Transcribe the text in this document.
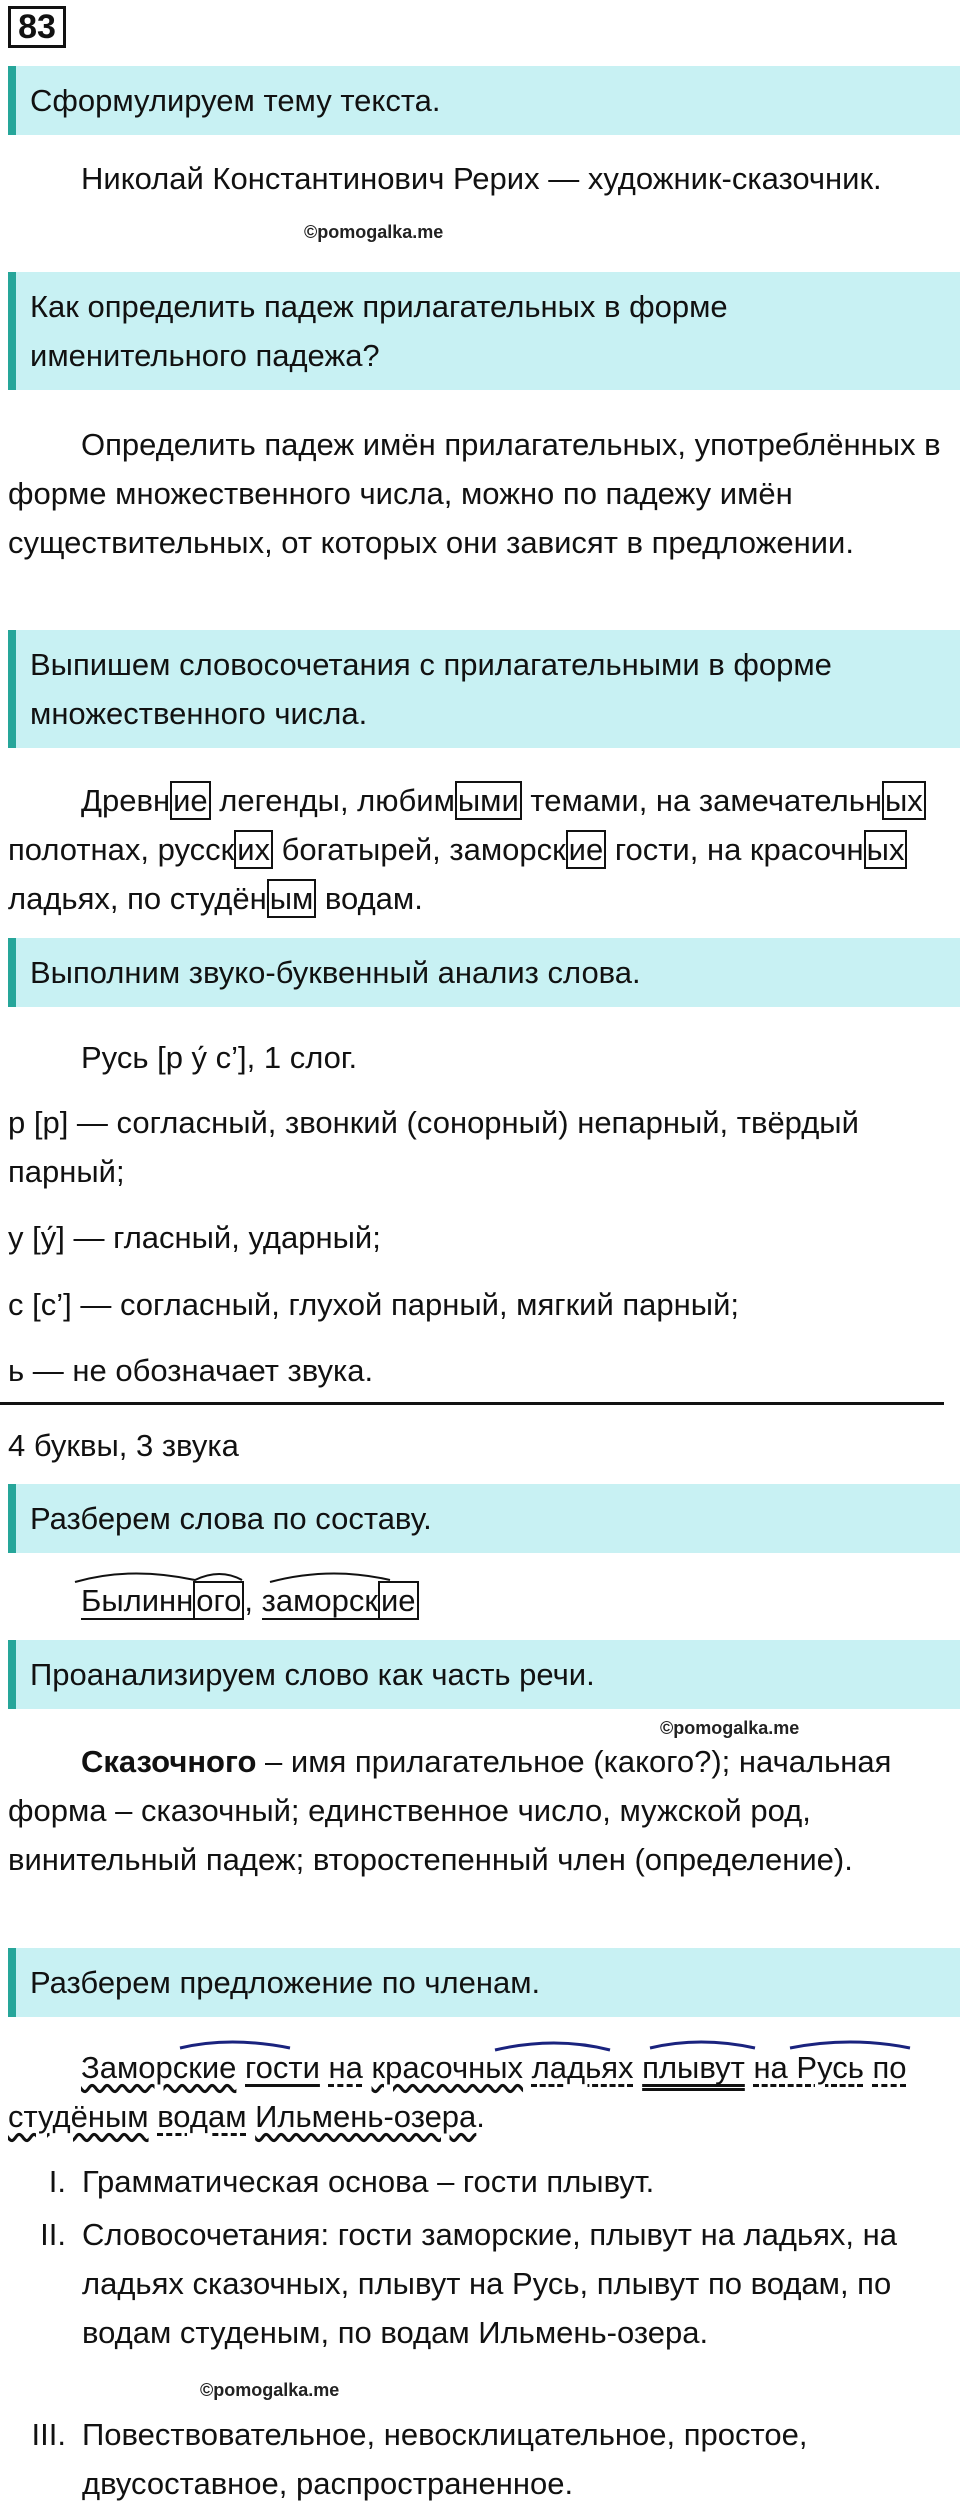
83
Сформулируем тему текста.
Николай Константинович Рерих — художник-сказочник.
©pomogalka.me
Как определить падеж прилагательных в форме именительного падежа?
Определить падеж имён прилагательных, употреблённых в форме множественного числа, можно по падежу имён существительных, от которых они зависят в предложении.
Выпишем словосочетания с прилагательными в форме множественного числа.
Древние легенды, любимыми темами, на замечательных полотнах, русских богатырей, заморские гости, на красочных ладьях, по студёным водам.
Выполним звуко-буквенный анализ слова.
Русь [р у́ с’], 1 слог.
р [р] — согласный, звонкий (сонорный) непарный, твёрдый парный;
у [у́] — гласный, ударный;
с [с’] — согласный, глухой парный, мягкий парный;
ь — не обозначает звука.
4 буквы, 3 звука
Разберем слова по составу.
Былинного, заморские
Проанализируем слово как часть речи.
©pomogalka.me
Сказочного – имя прилагательное (какого?); начальная форма – сказочный; единственное число, мужской род, винительный падеж; второстепенный член (определение).
Разберем предложение по членам.
Заморские гости на красочных ладьях плывут на Русь по студёным водам Ильмень-озера.
I. Грамматическая основа – гости плывут.
II. Словосочетания: гости заморские, плывут на ладьях, на ладьях сказочных, плывут на Русь, плывут по водам, по водам студеным, по водам Ильмень-озера.
©pomogalka.me
III. Повествовательное, невосклицательное, простое, двусоставное, распространенное.
